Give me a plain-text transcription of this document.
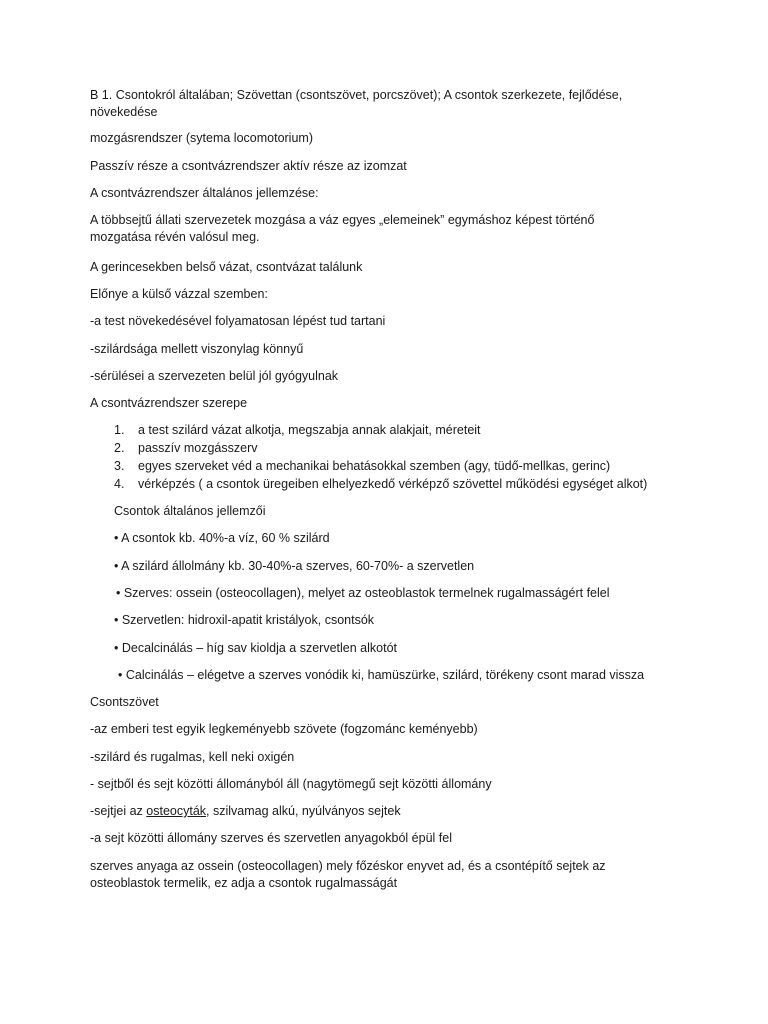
B 1. Csontokról általában; Szövettan (csontszövet, porcszövet); A csontok szerkezete, fejlődése, növekedése
mozgásrendszer (sytema locomotorium)
Passzív része a csontvázrendszer aktív része az izomzat
A csontvázrendszer általános jellemzése:
A többsejtű állati szervezetek mozgása a váz egyes „elemeinek” egymáshoz képest történő mozgatása révén valósul meg.
A gerincesekben belső vázat, csontvázat találunk
Előnye a külső vázzal szemben:
-a test növekedésével folyamatosan lépést tud tartani
-szilárdsága mellett viszonylag könnyű
-sérülései a szervezeten belül jól gyógyulnak
A csontvázrendszer szerepe
1. a test szilárd vázat alkotja, megszabja annak alakjait, méreteit
2. passzív mozgásszerv
3. egyes szerveket véd a mechanikai behatásokkal szemben (agy, tüdő-mellkas, gerinc)
4. vérképzés ( a csontok üregeiben elhelyezkedő vérképző szövettel működési egységet alkot)
Csontok általános jellemzői
• A csontok kb. 40%-a víz, 60 % szilárd
• A szilárd állolmány kb. 30-40%-a szerves, 60-70%- a szervetlen
• Szerves: ossein (osteocollagen), melyet az osteoblastok termelnek rugalmasságért felel
• Szervetlen: hidroxil-apatit kristályok, csontsók
• Decalcinálás – híg sav kioldja a szervetlen alkotót
• Calcinálás – elégetve a szerves vonódik ki, hamüszürke, szilárd, törékeny csont marad vissza
Csontszövet
-az emberi test egyik legkeményebb szövete (fogzománc keményebb)
-szilárd és rugalmas, kell neki oxigén
- sejtből és sejt közötti állományból áll (nagytömegű sejt közötti állomány
-sejtjei az osteocyták, szilvamag alkú, nyúlványos sejtek
-a sejt közötti állomány szerves és szervetlen anyagokból épül fel
szerves anyaga az ossein (osteocollagen) mely főzéskor enyvet ad, és a csontépítő sejtek az osteoblastok termelik, ez adja a csontok rugalmasságát
